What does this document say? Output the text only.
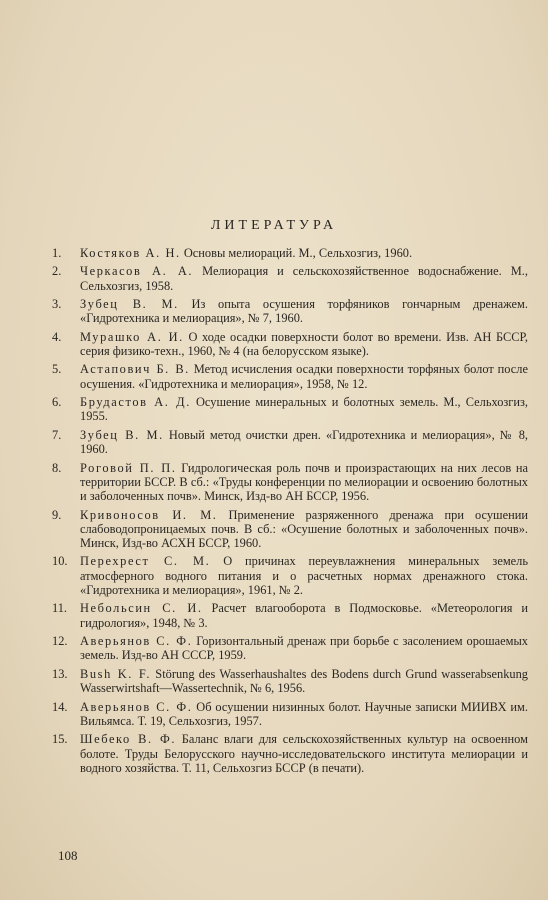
ЛИТЕРАТУРА
1.	Костяков А. Н. Основы мелиораций. М., Сельхозгиз, 1960.
2.	Черкасов А. А. Мелиорация и сельскохозяйственное водоснабжение. М., Сельхозгиз, 1958.
3.	Зубец В. М. Из опыта осушения торфяников гончарным дренажем. «Гидротехника и мелиорация», № 7, 1960.
4.	Мурашко А. И. О ходе осадки поверхности болот во времени. Изв. АН БССР, серия физико-техн., 1960, № 4 (на белорусском языке).
5.	Астапович Б. В. Метод исчисления осадки поверхности торфяных болот после осушения. «Гидротехника и мелиорация», 1958, № 12.
6.	Брудастов А. Д. Осушение минеральных и болотных земель. М., Сельхозгиз, 1955.
7.	Зубец В. М. Новый метод очистки дрен. «Гидротехника и мелиорация», № 8, 1960.
8.	Роговой П. П. Гидрологическая роль почв и произрастающих на них лесов на территории БССР. В сб.: «Труды конференции по мелиорации и освоению болотных и заболоченных почв». Минск, Изд-во АН БССР, 1956.
9.	Кривоносов И. М. Применение разряженного дренажа при осушении слабоводопроницаемых почв. В сб.: «Осушение болотных и заболоченных почв». Минск, Изд-во АСХН БССР, 1960.
10.	Перехрест С. М. О причинах переувлажнения минеральных земель атмосферного водного питания и о расчетных нормах дренажного стока. «Гидротехника и мелиорация», 1961, № 2.
11.	Небольсин С. И. Расчет влагооборота в Подмосковье. «Метеорология и гидрология», 1948, № 3.
12.	Аверьянов С. Ф. Горизонтальный дренаж при борьбе с засолением орошаемых земель. Изд-во АН СССР, 1959.
13.	Bush K. F. Störung des Wasserhaushaltes des Bodens durch Grund wasserabsenkung Wasserwirtshaft—Wassertechnik, № 6, 1956.
14.	Аверьянов С. Ф. Об осушении низинных болот. Научные записки МИИВХ им. Вильямса. Т. 19, Сельхозгиз, 1957.
15.	Шебеко В. Ф. Баланс влаги для сельскохозяйственных культур на освоенном болоте. Труды Белорусского научно-исследовательского института мелиорации и водного хозяйства. Т. 11, Сельхозгиз БССР (в печати).
108
